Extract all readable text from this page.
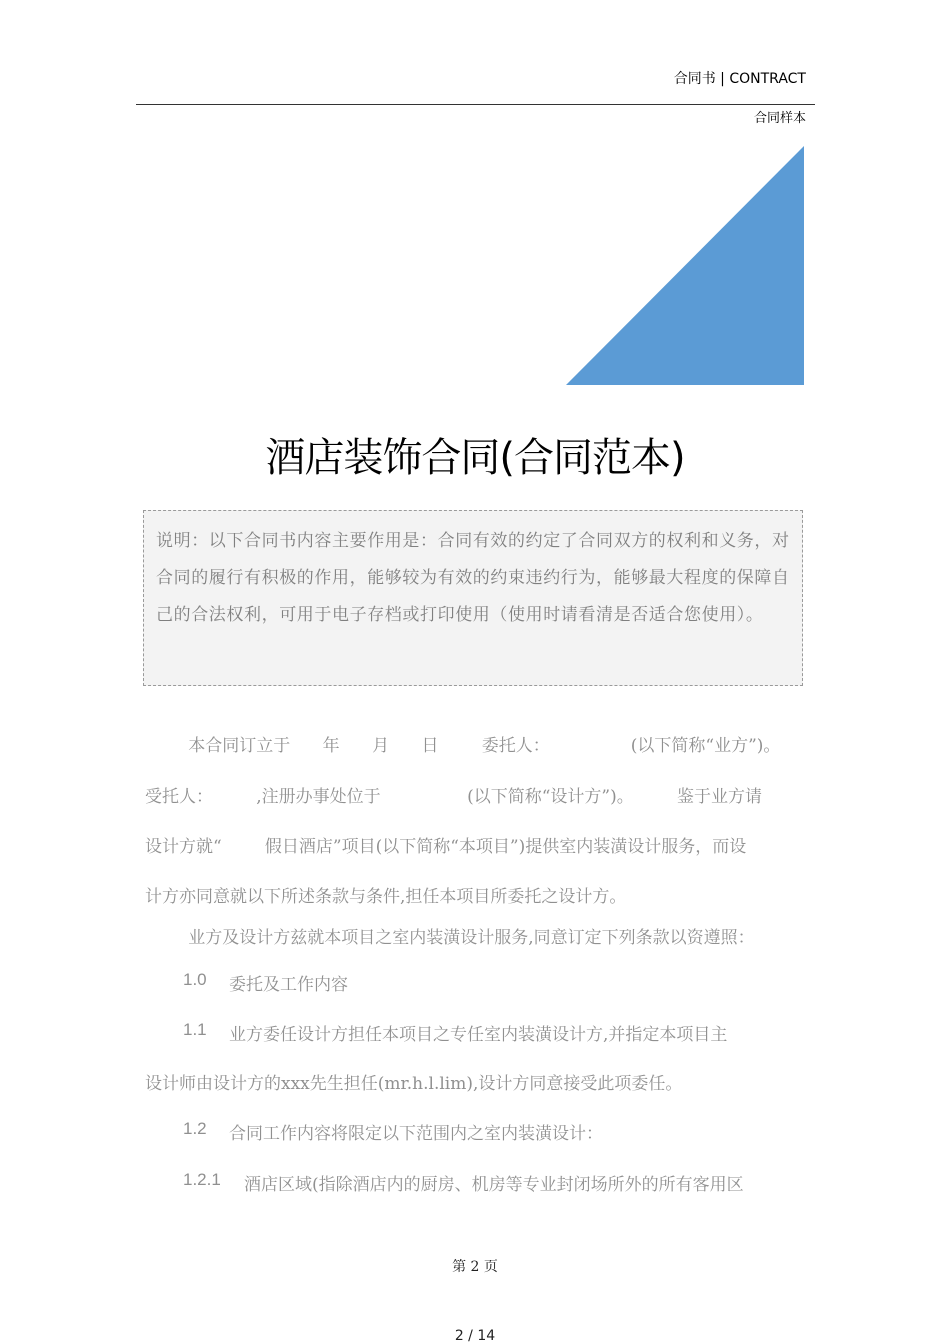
合同书 | CONTRACT
合同样本
酒店装饰合同(合同范本)

说明：以下合同书内容主要作用是：合同有效的约定了合同双方的权利和义务，对合同的履行有积极的作用，能够较为有效的约束违约行为，能够最大程度的保障自己的合法权利，可用于电子存档或打印使用（使用时请看清是否适合您使用）。

本合同订立于      年      月      日        委托人：               (以下简称“业方”)。

受托人：        ,注册办事处位于                (以下简称“设计方”)。        鉴于业方请

设计方就“        假日酒店”项目(以下简称“本项目”)提供室内装潢设计服务，而设

计方亦同意就以下所述条款与条件,担任本项目所委托之设计方。

业方及设计方兹就本项目之室内装潢设计服务,同意订定下列条款以资遵照：

1.0	委托及工作内容

1.1	业方委任设计方担任本项目之专任室内装潢设计方,并指定本项目主

设计师由设计方的xxx先生担任(mr.h.l.lim),设计方同意接受此项委任。

1.2	合同工作内容将限定以下范围内之室内装潢设计：

1.2.1	酒店区域(指除酒店内的厨房、机房等专业封闭场所外的所有客用区

第 2 页
2 / 14
